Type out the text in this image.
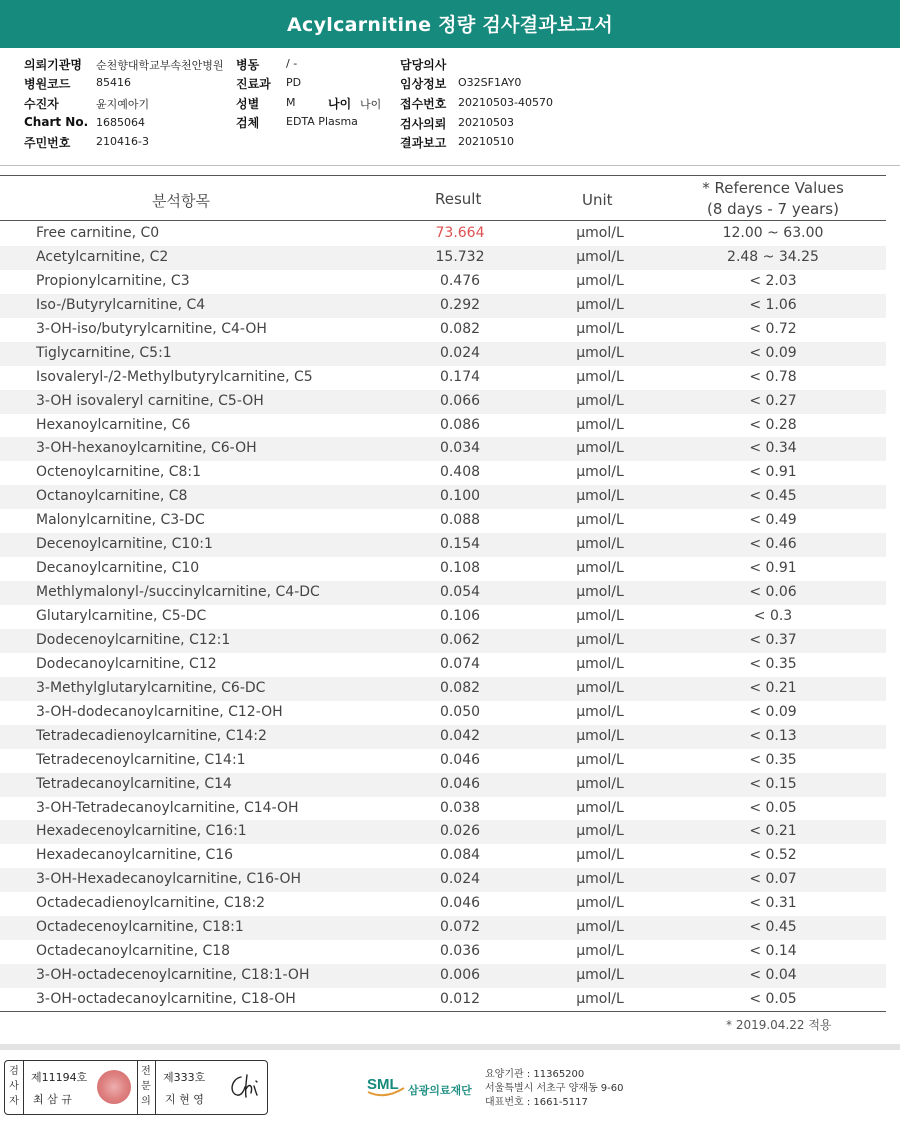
Acylcarnitine 정량 검사결과보고서
의뢰기관명 순천향대학교부속천안병원 병동 / -	담당의사
병원코드 85416	진료과 PD	임상정보 O32SF1AY0
수진자	윤지예아기	성별 M	나이 나이 접수번호 20210503-40570
Chart No. 1685064	검체 EDTA Plasma	검사의뢰 20210503
주민번호 210416-3	결과보고 20210510
분석항목	Result	Unit
* Reference Values
(8 days - 7 years)
Free carnitine, C0	73.664	μmol/L	12.00 ~ 63.00
Acetylcarnitine, C2	15.732	μmol/L	2.48 ~ 34.25
Propionylcarnitine, C3	0.476	μmol/L	< 2.03
Iso-/Butyrylcarnitine, C4	0.292	μmol/L	< 1.06
3-OH-iso/butyrylcarnitine, C4-OH	0.082	μmol/L	< 0.72
Tiglycarnitine, C5:1	0.024	μmol/L	< 0.09
Isovaleryl-/2-Methylbutyrylcarnitine, C5	0.174	μmol/L	< 0.78
3-OH isovaleryl carnitine, C5-OH	0.066	μmol/L	< 0.27
Hexanoylcarnitine, C6	0.086	μmol/L	< 0.28
3-OH-hexanoylcarnitine, C6-OH	0.034	μmol/L	< 0.34
Octenoylcarnitine, C8:1	0.408	μmol/L	< 0.91
Octanoylcarnitine, C8	0.100	μmol/L	< 0.45
Malonylcarnitine, C3-DC	0.088	μmol/L	< 0.49
Decenoylcarnitine, C10:1	0.154	μmol/L	< 0.46
Decanoylcarnitine, C10	0.108	μmol/L	< 0.91
Methlymalonyl-/succinylcarnitine, C4-DC	0.054	μmol/L	< 0.06
Glutarylcarnitine, C5-DC	0.106	μmol/L	< 0.3
Dodecenoylcarnitine, C12:1	0.062	μmol/L	< 0.37
Dodecanoylcarnitine, C12	0.074	μmol/L	< 0.35
3-Methylglutarylcarnitine, C6-DC	0.082	μmol/L	< 0.21
3-OH-dodecanoylcarnitine, C12-OH	0.050	μmol/L	< 0.09
Tetradecadienoylcarnitine, C14:2	0.042	μmol/L	< 0.13
Tetradecenoylcarnitine, C14:1	0.046	μmol/L	< 0.35
Tetradecanoylcarnitine, C14	0.046	μmol/L	< 0.15
3-OH-Tetradecanoylcarnitine, C14-OH	0.038	μmol/L	< 0.05
Hexadecenoylcarnitine, C16:1	0.026	μmol/L	< 0.21
Hexadecanoylcarnitine, C16	0.084	μmol/L	< 0.52
3-OH-Hexadecanoylcarnitine, C16-OH	0.024	μmol/L	< 0.07
Octadecadienoylcarnitine, C18:2	0.046	μmol/L	< 0.31
Octadecenoylcarnitine, C18:1	0.072	μmol/L	< 0.45
Octadecanoylcarnitine, C18	0.036	μmol/L	< 0.14
3-OH-octadecenoylcarnitine, C18:1-OH	0.006	μmol/L	< 0.04
3-OH-octadecanoylcarnitine, C18-OH	0.012	μmol/L	< 0.05
* 2019.04.22 적용
검
사
자
제11194호
최 삼 규
전
문
의
제333호
지 현 영
SML 삼광의료재단
요양기관 : 11365200
서울특별시 서초구 양재동 9-60
대표번호 : 1661-5117
